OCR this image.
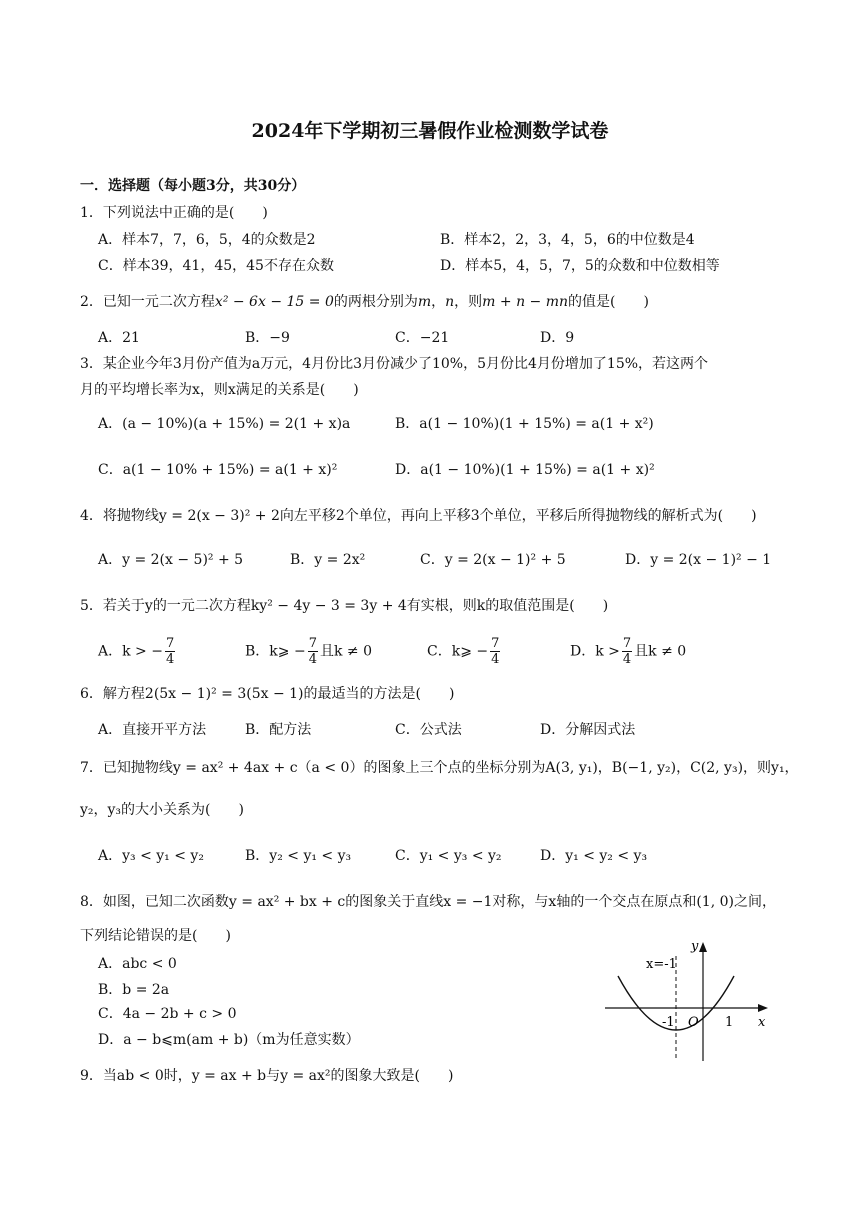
2024年下学期初三暑假作业检测数学试卷
一．选择题（每小题3分，共30分）
1．下列说法中正确的是(　　)
A．样本7，7，6，5，4的众数是2	B．样本2，2，3，4，5，6的中位数是4
C．样本39，41，45，45不存在众数	D．样本5，4，5，7，5的众数和中位数相等
2．已知一元二次方程x² − 6x − 15 = 0的两根分别为m，n，则m + n − mn的值是(　　)
A．21	B．−9	C．−21	D．9
3．某企业今年3月份产值为a万元，4月份比3月份减少了10%，5月份比4月份增加了15%，若这两个
月的平均增长率为x，则x满足的关系是(　　)
A．(a − 10%)(a + 15%) = 2(1 + x)a	B．a(1 − 10%)(1 + 15%) = a(1 + x²)
C．a(1 − 10% + 15%) = a(1 + x)²	D．a(1 − 10%)(1 + 15%) = a(1 + x)²
4．将抛物线y = 2(x − 3)² + 2向左平移2个单位，再向上平移3个单位，平移后所得抛物线的解析式为(　　)
A．y = 2(x − 5)² + 5	B．y = 2x²	C．y = 2(x − 1)² + 5	D．y = 2(x − 1)² − 1
5．若关于y的一元二次方程ky² − 4y − 3 = 3y + 4有实根，则k的取值范围是(　　)
A．k > − $\frac{7}{4}$	B．k⩾ − $\frac{7}{4}$ 且k ≠ 0	C．k⩾ − $\frac{7}{4}$	D．$k > \frac{7}{4}$ 且k ≠ 0
6．解方程2(5x − 1)² = 3(5x − 1)的最适当的方法是(　　)
A．直接开平方法	B．配方法	C．公式法	D．分解因式法
7．已知抛物线y = ax² + 4ax + c（a < 0）的图象上三个点的坐标分别为A(3, y₁)，B(−1, y₂)，C(2, y₃)，则y₁，
y₂，y₃的大小关系为(　　)
A．y₃ < y₁ < y₂	B．y₂ < y₁ < y₃	C．y₁ < y₃ < y₂	D．y₁ < y₂ < y₃
8．如图，已知二次函数y = ax² + bx + c的图象关于直线x = −1对称，与x轴的一个交点在原点和(1, 0)之间，
下列结论错误的是(　　)
A．abc < 0
B．b = 2a
C．4a − 2b + c > 0
D．a − b⩽m(am + b)（m为任意实数）
x=-1
y
x
O
-1	1
9．当ab < 0时，y = ax + b与y = ax²的图象大致是(　　)
